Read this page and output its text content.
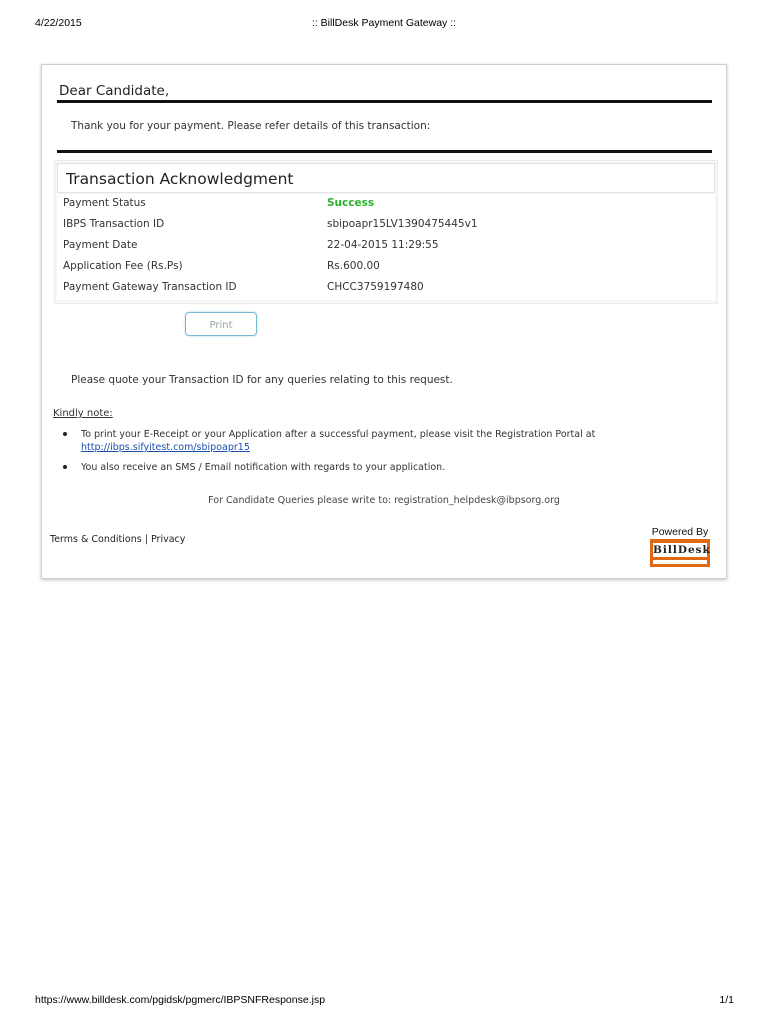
4/22/2015	:: BillDesk Payment Gateway ::
Dear Candidate,
Thank you for your payment. Please refer details of this transaction:
Transaction Acknowledgment
Payment Status	Success
IBPS Transaction ID	sbipoapr15LV1390475445v1
Payment Date	22-04-2015 11:29:55
Application Fee (Rs.Ps)	Rs.600.00
Payment Gateway Transaction ID	CHCC3759197480
Print
Please quote your Transaction ID for any queries relating to this request.
Kindly note:
To print your E-Receipt or your Application after a successful payment, please visit the Registration Portal at
http://ibps.sifyitest.com/sbipoapr15
You also receive an SMS / Email notification with regards to your application.
For Candidate Queries please write to: registration_helpdesk@ibpsorg.org
Terms & Conditions | Privacy
Powered By
BillDesk
https://www.billdesk.com/pgidsk/pgmerc/IBPSNFResponse.jsp	1/1
